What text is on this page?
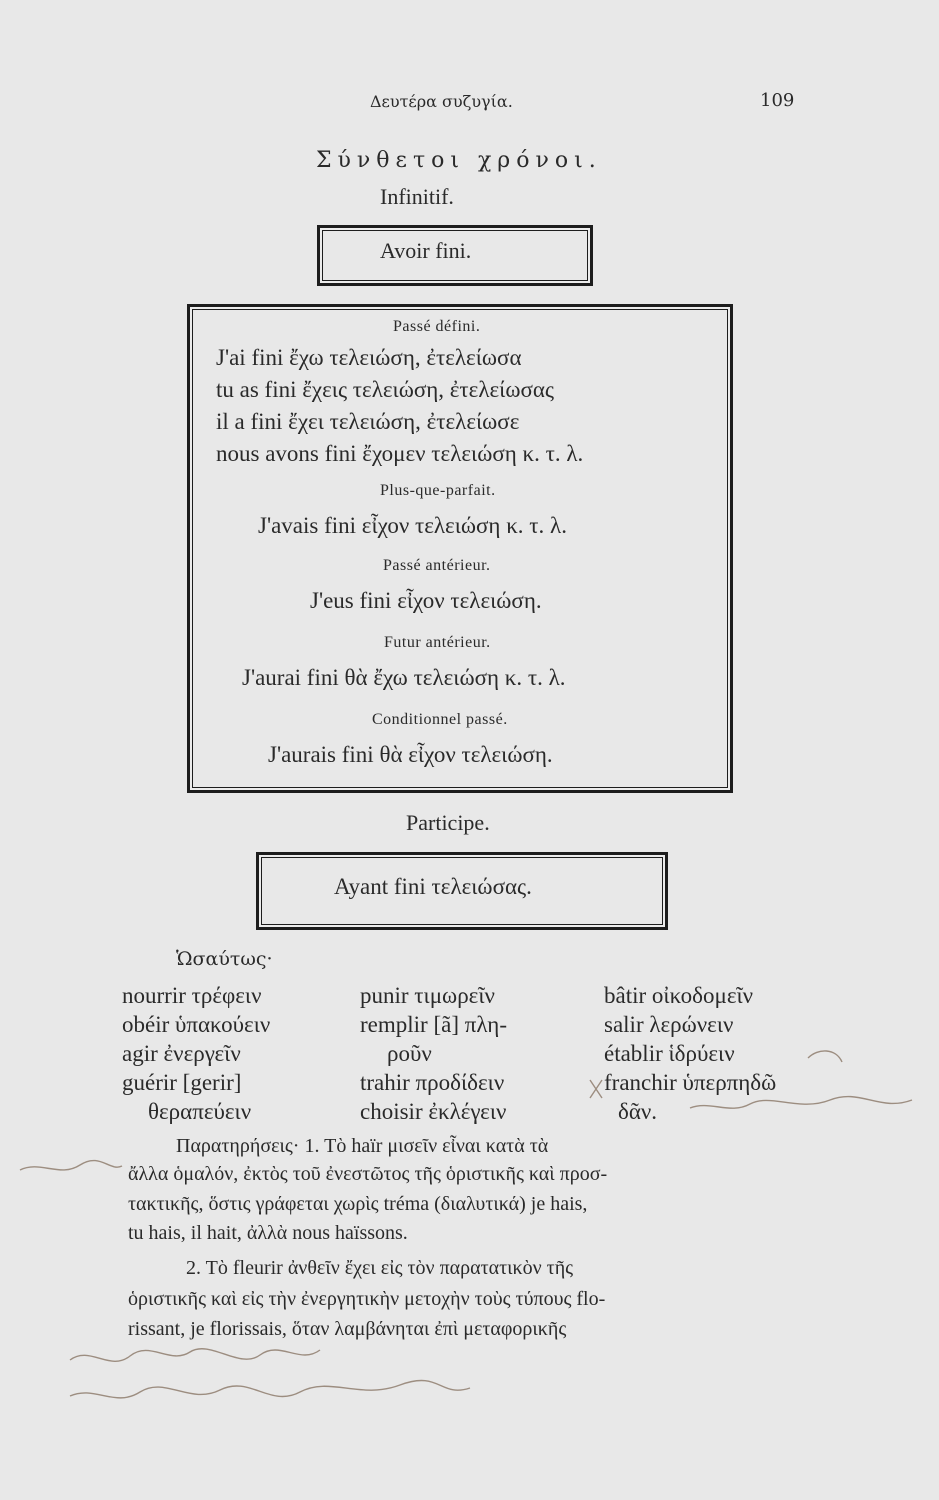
Δευτέρα συζυγία.	109
Σύνθετοι χρόνοι.
Infinitif.
Avoir fini.
Passé défini.
J'ai fini ἔχω τελειώση, ἐτελείωσα
tu as fini ἔχεις τελειώση, ἐτελείωσας
il a fini ἔχει τελειώση, ἐτελείωσε
nous avons fini ἔχομεν τελειώση κ. τ. λ.
Plus-que-parfait.
J'avais fini εἶχον τελειώση κ. τ. λ.
Passé antérieur.
J'eus fini εἶχον τελειώση.
Futur antérieur.
J'aurai fini θὰ ἔχω τελειώση κ. τ. λ.
Conditionnel passé.
J'aurais fini θὰ εἶχον τελειώση.
Participe.
Ayant fini τελειώσας.
Ὡσαύτως·
nourrir τρέφειν
obéir ὑπακούειν
agir ἐνεργεῖν
guérir [gerir]
θεραπεύειν
punir τιμωρεῖν
remplir [ã] πλη-
ροῦν
trahir προδίδειν
choisir ἐκλέγειν
bâtir οἰκοδομεῖν
salir λερώνειν
établir ἱδρύειν
franchir ὑπερπηδῶ
δᾶν.
Παρατηρήσεις· 1. Τὸ haïr μισεῖν εἶναι κατὰ τὰ
ἄλλα ὁμαλόν, ἐκτὸς τοῦ ἐνεστῶτος τῆς ὁριστικῆς καὶ προσ-
τακτικῆς, ὅστις γράφεται χωρὶς tréma (διαλυτικά) je hais,
tu hais, il hait, ἀλλὰ nous haïssons.
2. Τὸ fleurir ἀνθεῖν ἔχει εἰς τὸν παρατατικὸν τῆς
ὁριστικῆς καὶ εἰς τὴν ἐνεργητικὴν μετοχὴν τοὺς τύπους flo-
rissant, je florissais, ὅταν λαμβάνηται ἐπὶ μεταφορικῆς
